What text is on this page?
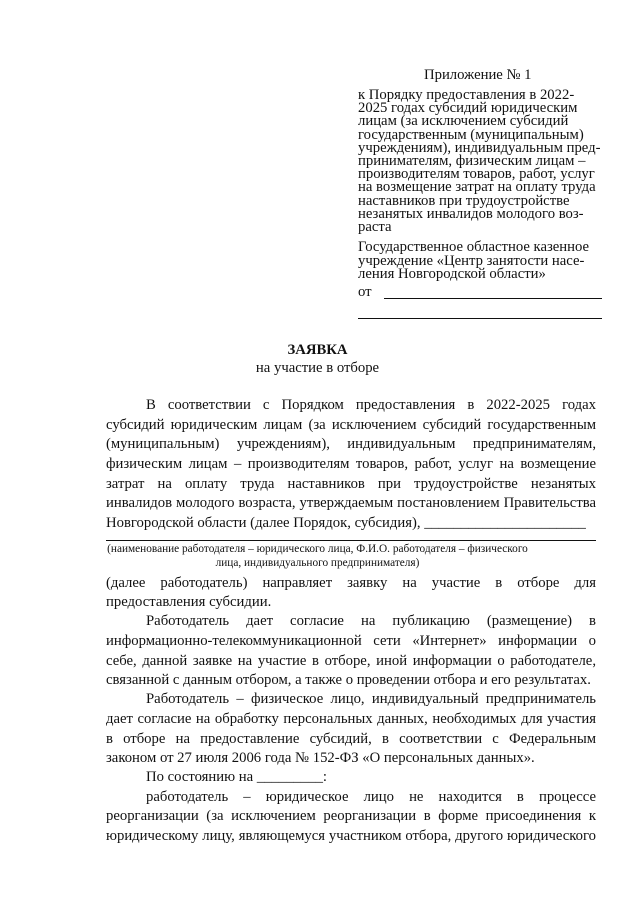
Приложение № 1
к Порядку предоставления в 2022-
2025 годах субсидий юридическим
лицам (за исключением субсидий
государственным (муниципальным)
учреждениям), индивидуальным пред-
принимателям, физическим лицам –
производителям товаров, работ, услуг
на возмещение затрат на оплату труда
наставников при трудоустройстве
незанятых инвалидов молодого воз-
раста
Государственное областное казенное
учреждение «Центр занятости насе-
ления Новгородской области»
от
ЗАЯВКА
на участие в отборе
В соответствии с Порядком предоставления в 2022-2025 годах
субсидий юридическим лицам (за исключением субсидий государственным
(муниципальным) учреждениям), индивидуальным предпринимателям,
физическим лицам – производителям товаров, работ, услуг на возмещение
затрат на оплату труда наставников при трудоустройстве незанятых
инвалидов молодого возраста, утверждаемым постановлением Правительства
Новгородской области (далее Порядок, субсидия), ______________________
(наименование работодателя – юридического лица, Ф.И.О. работодателя – физического
лица, индивидуального предпринимателя)
(далее работодатель) направляет заявку на участие в отборе для
предоставления субсидии.
Работодатель дает согласие на публикацию (размещение) в
информационно-телекоммуникационной сети «Интернет» информации о
себе, данной заявке на участие в отборе, иной информации о работодателе,
связанной с данным отбором, а также о проведении отбора и его результатах.
Работодатель – физическое лицо, индивидуальный предприниматель
дает согласие на обработку персональных данных, необходимых для участия
в отборе на предоставление субсидий, в соответствии с Федеральным
законом от 27 июля 2006 года № 152-ФЗ «О персональных данных».
По состоянию на _________:
работодатель – юридическое лицо не находится в процессе
реорганизации (за исключением реорганизации в форме присоединения к
юридическому лицу, являющемуся участником отбора, другого юридического
